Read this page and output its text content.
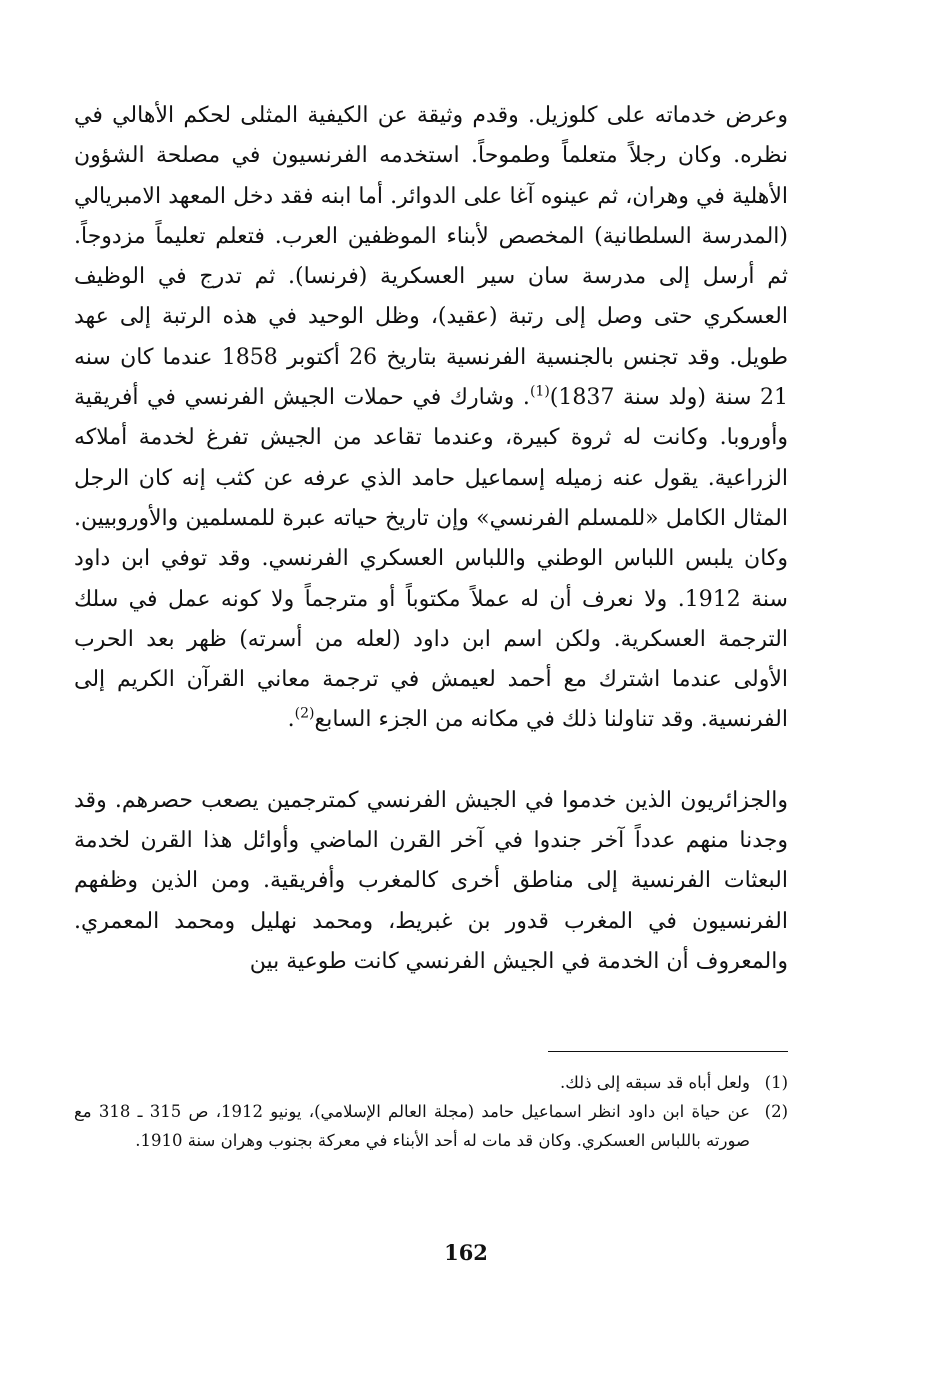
وعرض خدماته على كلوزيل. وقدم وثيقة عن الكيفية المثلى لحكم الأهالي في نظره. وكان رجلاً متعلماً وطموحاً. استخدمه الفرنسيون في مصلحة الشؤون الأهلية في وهران، ثم عينوه آغا على الدوائر. أما ابنه فقد دخل المعهد الامبريالي (المدرسة السلطانية) المخصص لأبناء الموظفين العرب. فتعلم تعليماً مزدوجاً. ثم أرسل إلى مدرسة سان سير العسكرية (فرنسا). ثم تدرج في الوظيف العسكري حتى وصل إلى رتبة (عقيد)، وظل الوحيد في هذه الرتبة إلى عهد طويل. وقد تجنس بالجنسية الفرنسية بتاريخ 26 أكتوبر 1858 عندما كان سنه 21 سنة (ولد سنة 1837)$^{(1)}$. وشارك في حملات الجيش الفرنسي في أفريقية وأوروبا. وكانت له ثروة كبيرة، وعندما تقاعد من الجيش تفرغ لخدمة أملاكه الزراعية. يقول عنه زميله إسماعيل حامد الذي عرفه عن كثب إنه كان الرجل المثال الكامل «للمسلم الفرنسي» وإن تاريخ حياته عبرة للمسلمين والأوروبيين. وكان يلبس اللباس الوطني واللباس العسكري الفرنسي. وقد توفي ابن داود سنة 1912. ولا نعرف أن له عملاً مكتوباً أو مترجماً ولا كونه عمل في سلك الترجمة العسكرية. ولكن اسم ابن داود (لعله من أسرته) ظهر بعد الحرب الأولى عندما اشترك مع أحمد لعيمش في ترجمة معاني القرآن الكريم إلى الفرنسية. وقد تناولنا ذلك في مكانه من الجزء السابع$^{(2)}$.

والجزائريون الذين خدموا في الجيش الفرنسي كمترجمين يصعب حصرهم. وقد وجدنا منهم عدداً آخر جندوا في آخر القرن الماضي وأوائل هذا القرن لخدمة البعثات الفرنسية إلى مناطق أخرى كالمغرب وأفريقية. ومن الذين وظفهم الفرنسيون في المغرب قدور بن غبريط، ومحمد نهليل ومحمد المعمري. والمعروف أن الخدمة في الجيش الفرنسي كانت طوعية بين

(1)
ولعل أباه قد سبقه إلى ذلك.
(2)
عن حياة ابن داود انظر اسماعيل حامد (مجلة العالم الإسلامي)، يونيو 1912، ص 315 ـ 318 مع صورته باللباس العسكري. وكان قد مات له أحد الأبناء في معركة بجنوب وهران سنة 1910.
162
